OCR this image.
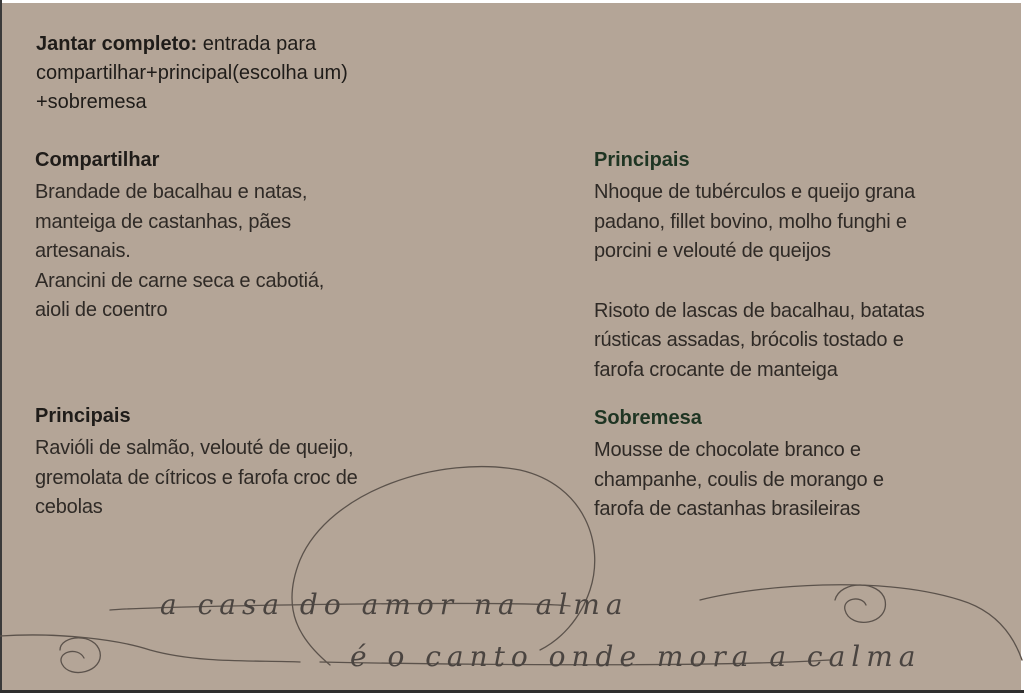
a casa do amor na alma
é o canto onde mora a calma
Jantar completo: entrada para
compartilhar+principal(escolha um)
+sobremesa
Compartilhar

Brandade de bacalhau e natas,

manteiga de castanhas, pães

artesanais.

Arancini de carne seca e cabotiá,

aioli de coentro

Principais

Ravióli de salmão, velouté de queijo,

gremolata de cítricos e farofa croc de

cebolas

Principais

Nhoque de tubérculos e queijo grana

padano, fillet bovino, molho funghi e

porcini e velouté de queijos

Risoto de lascas de bacalhau, batatas

rústicas assadas, brócolis tostado e

farofa crocante de manteiga

Sobremesa

Mousse de chocolate branco e

champanhe, coulis de morango e

farofa de castanhas brasileiras
